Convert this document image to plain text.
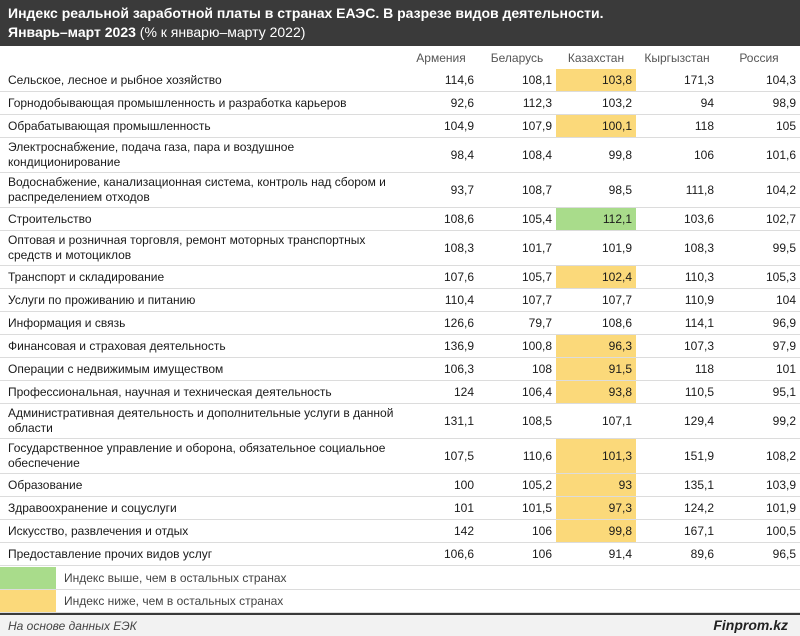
Индекс реальной заработной платы в странах ЕАЭС. В разрезе видов деятельности.
Январь–март 2023 (% к январю–марту 2022)
	Армения	Беларусь	Казахстан	Кыргызстан	Россия
Сельское, лесное и рыбное хозяйство	114,6	108,1	103,8	171,3	104,3
Горнодобывающая промышленность и разработка карьеров	92,6	112,3	103,2	94	98,9
Обрабатывающая промышленность	104,9	107,9	100,1	118	105
Электроснабжение, подача газа, пара и воздушное кондиционирование	98,4	108,4	99,8	106	101,6
Водоснабжение, канализационная система, контроль над сбором и распределением отходов	93,7	108,7	98,5	111,8	104,2
Строительство	108,6	105,4	112,1	103,6	102,7
Оптовая и розничная торговля, ремонт моторных транспортных средств и мотоциклов	108,3	101,7	101,9	108,3	99,5
Транспорт и складирование	107,6	105,7	102,4	110,3	105,3
Услуги по проживанию и питанию	110,4	107,7	107,7	110,9	104
Информация и связь	126,6	79,7	108,6	114,1	96,9
Финансовая и страховая деятельность	136,9	100,8	96,3	107,3	97,9
Операции с недвижимым имуществом	106,3	108	91,5	118	101
Профессиональная, научная и техническая деятельность	124	106,4	93,8	110,5	95,1
Административная деятельность и дополнительные услуги в данной области	131,1	108,5	107,1	129,4	99,2
Государственное управление и оборона, обязательное социальное обеспечение	107,5	110,6	101,3	151,9	108,2
Образование	100	105,2	93	135,1	103,9
Здравоохранение и соцуслуги	101	101,5	97,3	124,2	101,9
Искусство, развлечения и отдых	142	106	99,8	167,1	100,5
Предоставление прочих видов услуг	106,6	106	91,4	89,6	96,5
Индекс выше, чем в остальных странах
Индекс ниже, чем в остальных странах
На основе данных ЕЭК	Finprom.kz
